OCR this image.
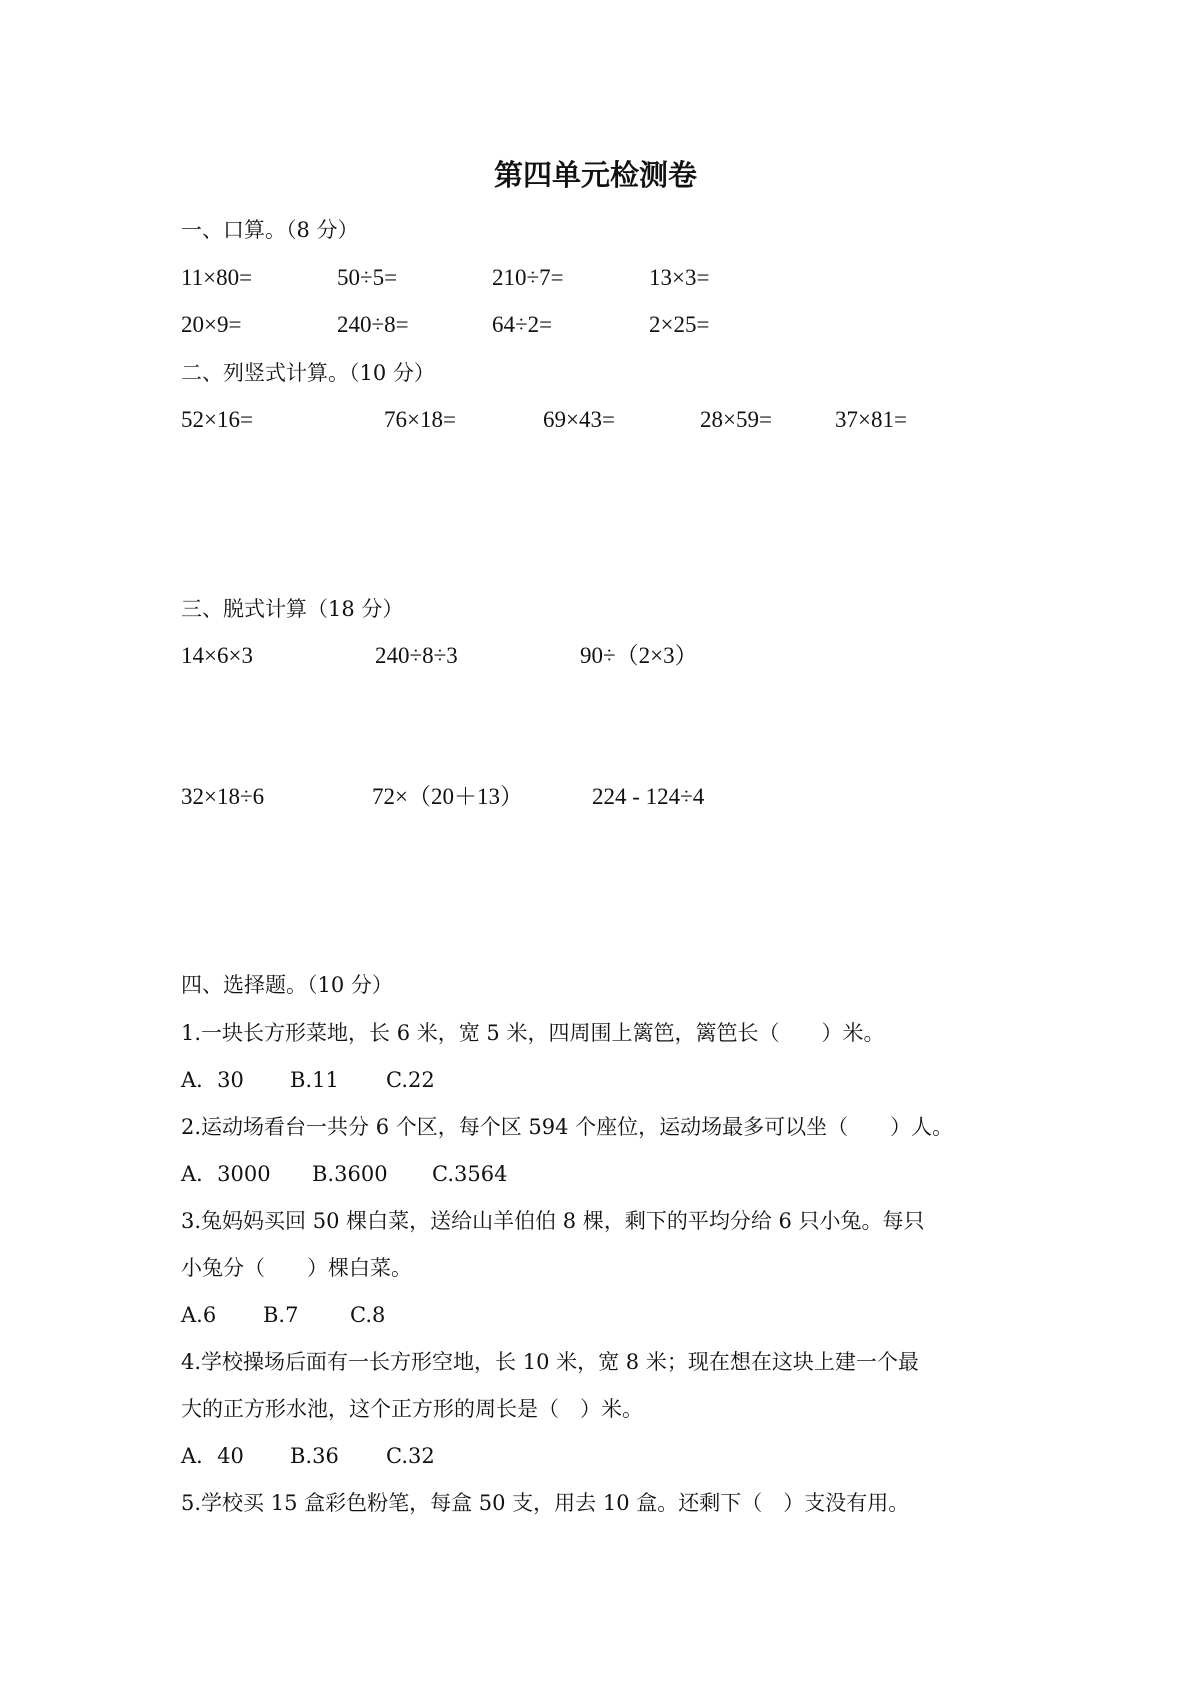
第四单元检测卷
一、口算。（8 分）
11×80=	50÷5=	210÷7=	13×3=
20×9=	240÷8=	64÷2=	2×25=
二、列竖式计算。（10 分）
52×16=	76×18=	69×43=	28×59=	37×81=
三、脱式计算（18 分）
14×6×3	240÷8÷3	90÷（2×3）
32×18÷6	72×（20＋13）	224 - 124÷4
四、选择题。（10 分）
1.一块长方形菜地，长 6 米，宽 5 米，四周围上篱笆，篱笆长（　　）米。
A．30 B.11 C.22
2.运动场看台一共分 6 个区，每个区 594 个座位，运动场最多可以坐（　　）人。
A．3000 B.3600 C.3564
3.兔妈妈买回 50 棵白菜，送给山羊伯伯 8 棵，剩下的平均分给 6 只小兔。每只
小兔分（　　）棵白菜。
A.6 B.7 C.8
4.学校操场后面有一长方形空地，长 10 米，宽 8 米；现在想在这块上建一个最
大的正方形水池，这个正方形的周长是（　）米。
A．40 B.36 C.32
5.学校买 15 盒彩色粉笔，每盒 50 支，用去 10 盒。还剩下（　）支没有用。
